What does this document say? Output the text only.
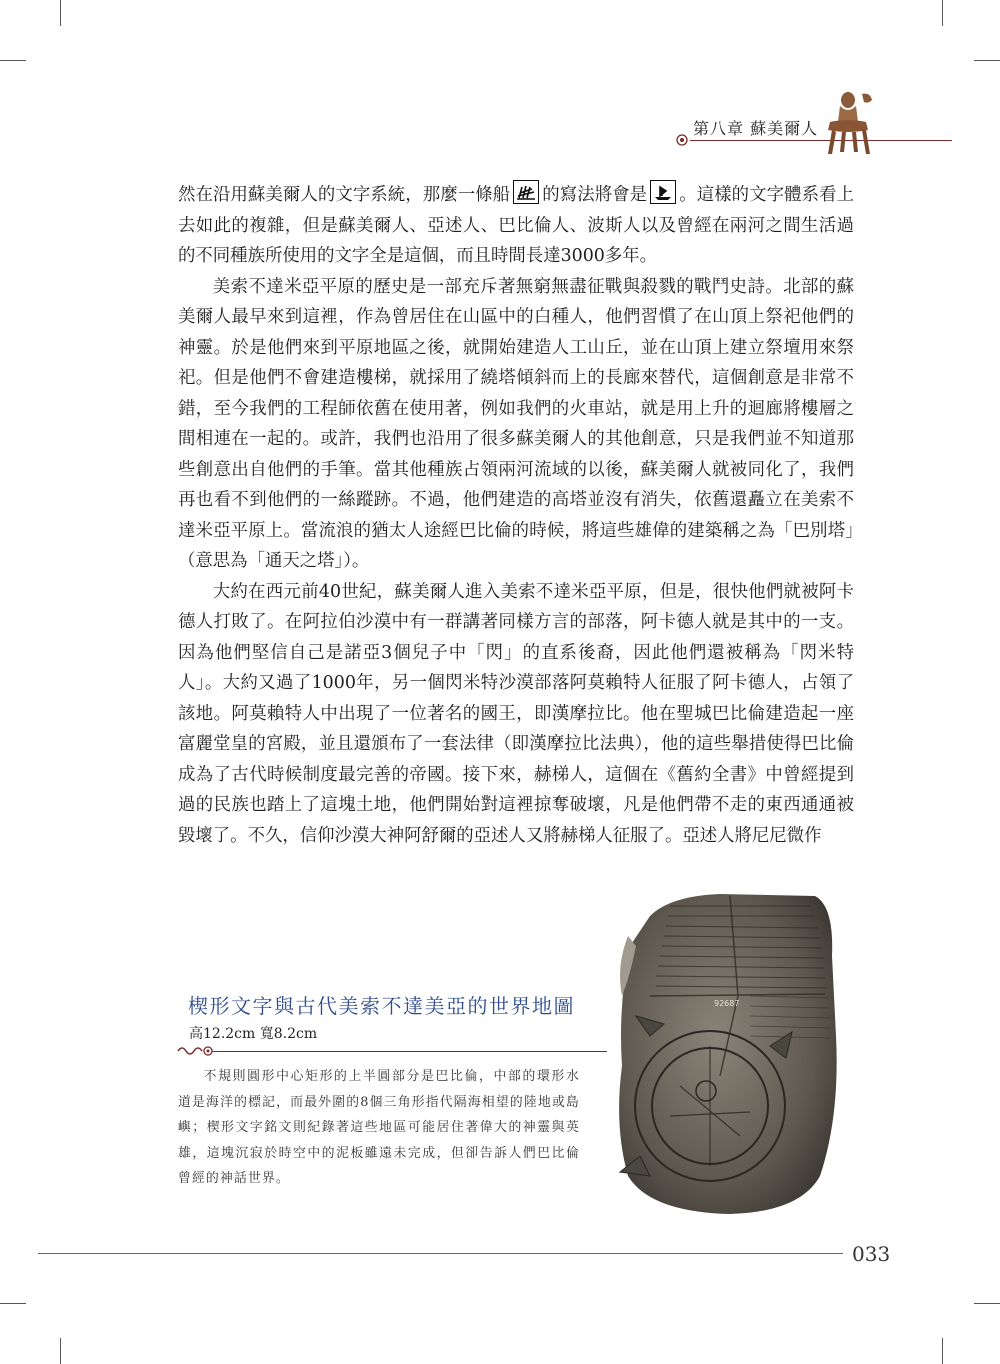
第八章 蘇美爾人

然在沿用蘇美爾人的文字系統，那麼一條船 的寫法將會是 。這樣的文字體系看上去如此的複雜，但是蘇美爾人、亞述人、巴比倫人、波斯人以及曾經在兩河之間生活過的不同種族所使用的文字全是這個，而且時間長達3000多年。

美索不達米亞平原的歷史是一部充斥著無窮無盡征戰與殺戮的戰鬥史詩。北部的蘇美爾人最早來到這裡，作為曾居住在山區中的白種人，他們習慣了在山頂上祭祀他們的神靈。於是他們來到平原地區之後，就開始建造人工山丘，並在山頂上建立祭壇用來祭祀。但是他們不會建造樓梯，就採用了繞塔傾斜而上的長廊來替代，這個創意是非常不錯，至今我們的工程師依舊在使用著，例如我們的火車站，就是用上升的迴廊將樓層之間相連在一起的。或許，我們也沿用了很多蘇美爾人的其他創意，只是我們並不知道那些創意出自他們的手筆。當其他種族占領兩河流域的以後，蘇美爾人就被同化了，我們再也看不到他們的一絲蹤跡。不過，他們建造的高塔並沒有消失，依舊還矗立在美索不達米亞平原上。當流浪的猶太人途經巴比倫的時候，將這些雄偉的建築稱之為「巴別塔」（意思為「通天之塔」）。

大約在西元前40世紀，蘇美爾人進入美索不達米亞平原，但是，很快他們就被阿卡德人打敗了。在阿拉伯沙漠中有一群講著同樣方言的部落，阿卡德人就是其中的一支。因為他們堅信自己是諾亞3個兒子中「閃」的直系後裔，因此他們還被稱為「閃米特人」。大約又過了1000年，另一個閃米特沙漠部落阿莫賴特人征服了阿卡德人，占領了該地。阿莫賴特人中出現了一位著名的國王，即漢摩拉比。他在聖城巴比倫建造起一座富麗堂皇的宮殿，並且還頒布了一套法律（即漢摩拉比法典），他的這些舉措使得巴比倫成為了古代時候制度最完善的帝國。接下來，赫梯人，這個在《舊約全書》中曾經提到過的民族也踏上了這塊土地，他們開始對這裡掠奪破壞，凡是他們帶不走的東西通通被毀壞了。不久，信仰沙漠大神阿舒爾的亞述人又將赫梯人征服了。亞述人將尼尼微作

92687
楔形文字與古代美索不達美亞的世界地圖
高12.2cm 寬8.2cm

不規則圓形中心矩形的上半圓部分是巴比倫，中部的環形水道是海洋的標記，而最外圍的8個三角形指代隔海相望的陸地或島嶼；楔形文字銘文則紀錄著這些地區可能居住著偉大的神靈與英雄，這塊沉寂於時空中的泥板雖遠未完成，但卻告訴人們巴比倫曾經的神話世界。

033
